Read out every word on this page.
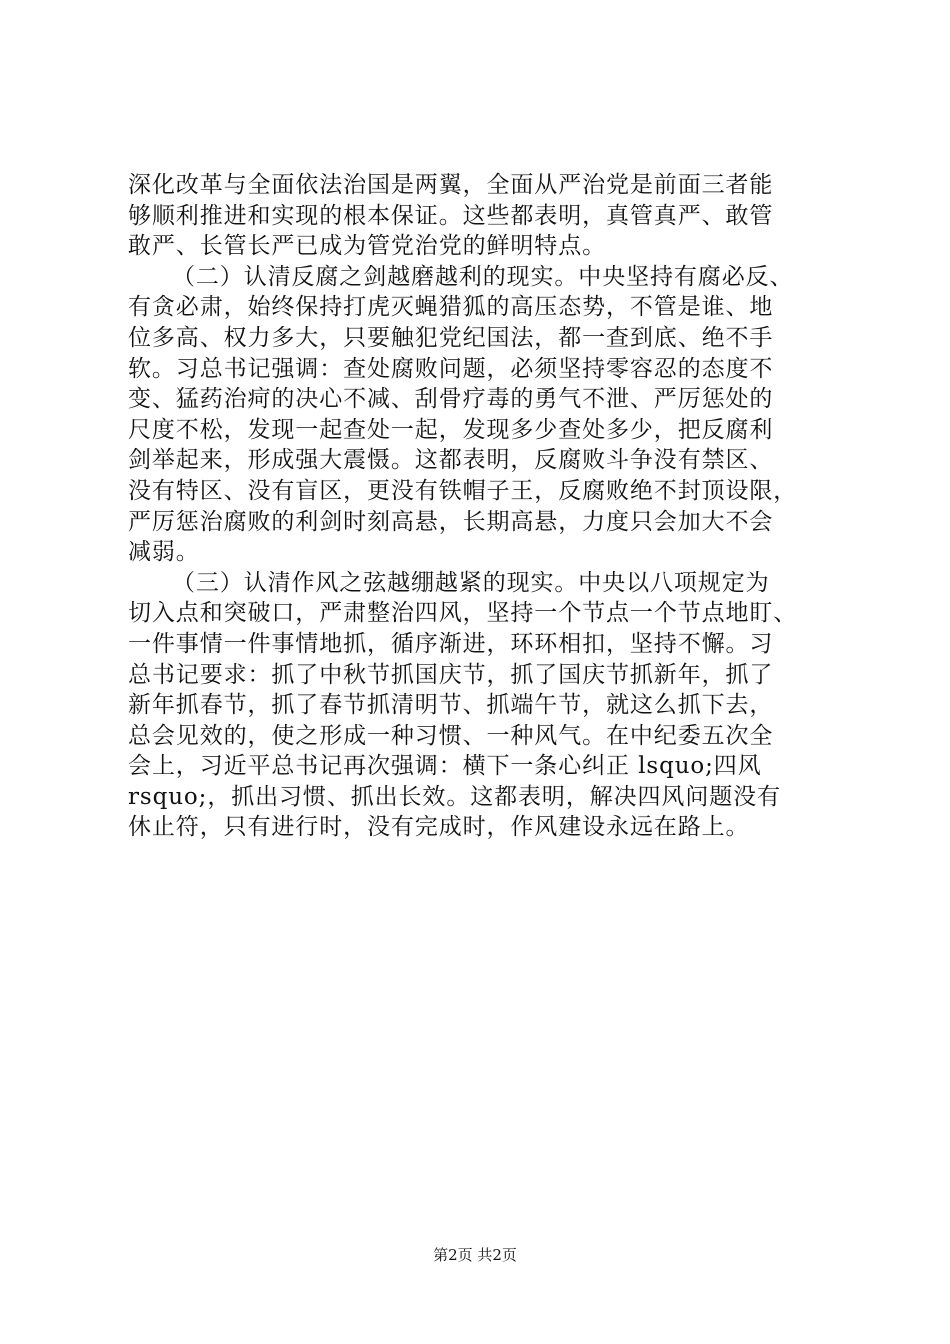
深化改革与全面依法治国是两翼，全面从严治党是前面三者能
够顺利推进和实现的根本保证。这些都表明，真管真严、敢管
敢严、长管长严已成为管党治党的鲜明特点。
（二）认清反腐之剑越磨越利的现实。中央坚持有腐必反、
有贪必肃，始终保持打虎灭蝇猎狐的高压态势，不管是谁、地
位多高、权力多大，只要触犯党纪国法，都一查到底、绝不手
软。习总书记强调：查处腐败问题，必须坚持零容忍的态度不
变、猛药治疴的决心不减、刮骨疗毒的勇气不泄、严厉惩处的
尺度不松，发现一起查处一起，发现多少查处多少，把反腐利
剑举起来，形成强大震慑。这都表明，反腐败斗争没有禁区、
没有特区、没有盲区，更没有铁帽子王，反腐败绝不封顶设限，
严厉惩治腐败的利剑时刻高悬，长期高悬，力度只会加大不会
减弱。
（三）认清作风之弦越绷越紧的现实。中央以八项规定为
切入点和突破口，严肃整治四风，坚持一个节点一个节点地盯、
一件事情一件事情地抓，循序渐进，环环相扣，坚持不懈。习
总书记要求：抓了中秋节抓国庆节，抓了国庆节抓新年，抓了
新年抓春节，抓了春节抓清明节、抓端午节，就这么抓下去，
总会见效的，使之形成一种习惯、一种风气。在中纪委五次全
会上，习近平总书记再次强调：横下一条心纠正 lsquo;四风
rsquo;，抓出习惯、抓出长效。这都表明，解决四风问题没有
休止符，只有进行时，没有完成时，作风建设永远在路上。
第2页 共2页
